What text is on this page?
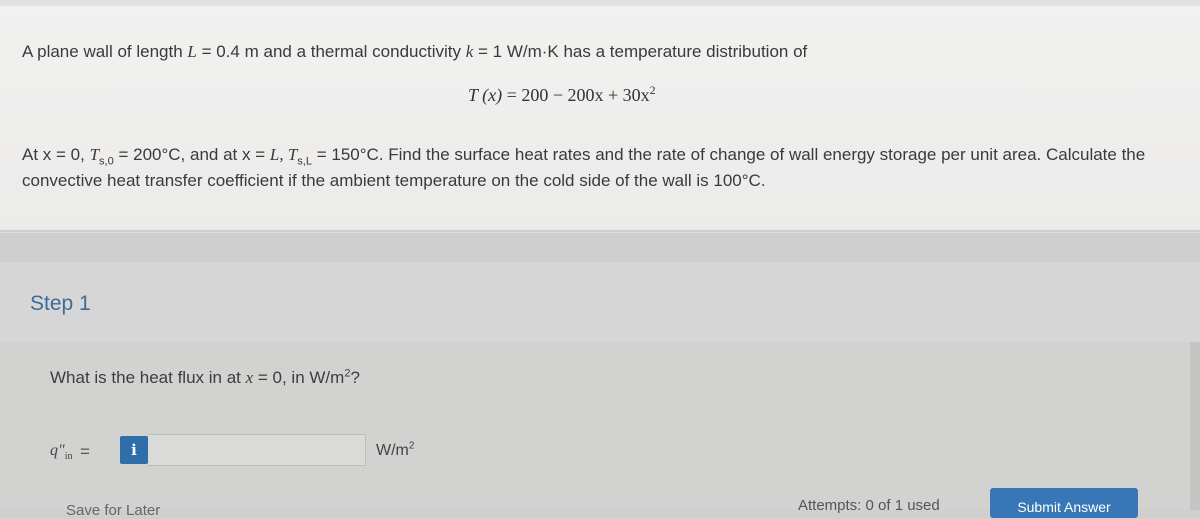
A plane wall of length L = 0.4 m and a thermal conductivity k = 1 W/m·K has a temperature distribution of
T $(x) = 200 - 200x + 30x^2$
At x = 0, $T_{s,0} = 200^\circ C$, and at x = L, $T_{s,L} = 150^\circ C$. Find the surface heat rates and the rate of change of wall energy storage per unit area. Calculate the convective heat transfer coefficient if the ambient temperature on the cold side of the wall is 100°C.
Step 1
What is the heat flux in at x = 0, in $W/m^2$?
$q"_{in}$ =	i	$W/m^2$
Save for Later	Attempts: 0 of 1 used	Submit Answer
